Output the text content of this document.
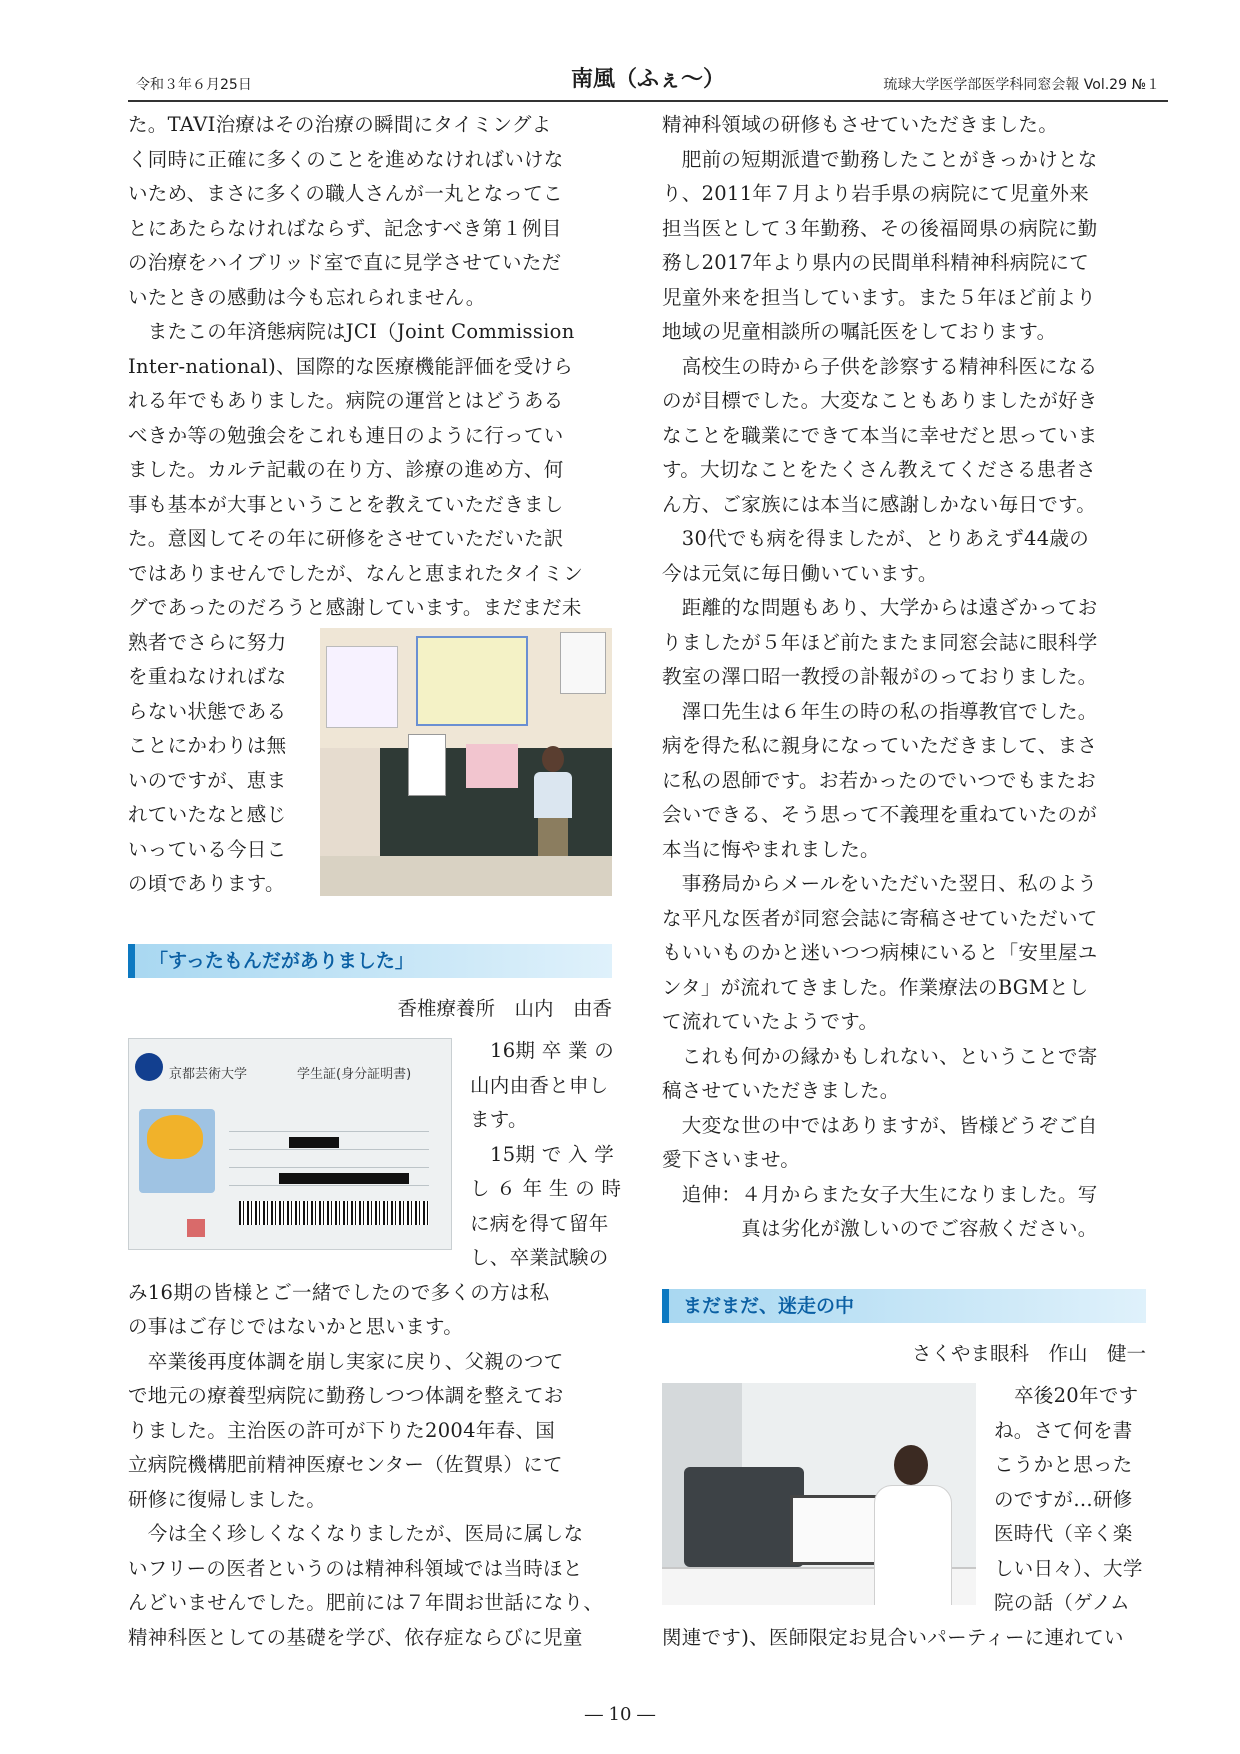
令和３年６月25日	南風（ふぇ〜）	琉球大学医学部医学科同窓会報 Vol.29 №１
た。TAVI治療はその治療の瞬間にタイミングよ
く同時に正確に多くのことを進めなければいけな
いため、まさに多くの職人さんが一丸となってこ
とにあたらなければならず、記念すべき第１例目
の治療をハイブリッド室で直に見学させていただ
いたときの感動は今も忘れられません。
　またこの年済態病院はJCI（Joint Commission
Inter-national)、国際的な医療機能評価を受けら
れる年でもありました。病院の運営とはどうある
べきか等の勉強会をこれも連日のように行ってい
ました。カルテ記載の在り方、診療の進め方、何
事も基本が大事ということを教えていただきまし
た。意図してその年に研修をさせていただいた訳
ではありませんでしたが、なんと恵まれたタイミン
グであったのだろうと感謝しています。まだまだ未
熟者でさらに努力
を重ねなければな
らない状態である
ことにかわりは無
いのですが、恵ま
れていたなと感じ
いっている今日こ
の頃であります。
「すったもんだがありました」
香椎療養所　山内　由香
京都芸術大学	学生証(身分証明書)
16期 卒 業 の
山内由香と申し
ます。
15期 で 入 学
し ６ 年 生 の 時
に病を得て留年
し、卒業試験の
み16期の皆様とご一緒でしたので多くの方は私
の事はご存じではないかと思います。
　卒業後再度体調を崩し実家に戻り、父親のつて
で地元の療養型病院に勤務しつつ体調を整えてお
りました。主治医の許可が下りた2004年春、国
立病院機構肥前精神医療センター（佐賀県）にて
研修に復帰しました。
　今は全く珍しくなくなりましたが、医局に属しな
いフリーの医者というのは精神科領域では当時ほと
んどいませんでした。肥前には７年間お世話になり、
精神科医としての基礎を学び、依存症ならびに児童
精神科領域の研修もさせていただきました。
　肥前の短期派遣で勤務したことがきっかけとな
り、2011年７月より岩手県の病院にて児童外来
担当医として３年勤務、その後福岡県の病院に勤
務し2017年より県内の民間単科精神科病院にて
児童外来を担当しています。また５年ほど前より
地域の児童相談所の嘱託医をしております。
　高校生の時から子供を診察する精神科医になる
のが目標でした。大変なこともありましたが好き
なことを職業にできて本当に幸せだと思っていま
す。大切なことをたくさん教えてくださる患者さ
ん方、ご家族には本当に感謝しかない毎日です。
　30代でも病を得ましたが、とりあえず44歳の
今は元気に毎日働いています。
　距離的な問題もあり、大学からは遠ざかってお
りましたが５年ほど前たまたま同窓会誌に眼科学
教室の澤口昭一教授の訃報がのっておりました。
　澤口先生は６年生の時の私の指導教官でした。
病を得た私に親身になっていただきまして、まさ
に私の恩師です。お若かったのでいつでもまたお
会いできる、そう思って不義理を重ねていたのが
本当に悔やまれました。
　事務局からメールをいただいた翌日、私のよう
な平凡な医者が同窓会誌に寄稿させていただいて
もいいものかと迷いつつ病棟にいると「安里屋ユ
ンタ」が流れてきました。作業療法のBGMとし
て流れていたようです。
　これも何かの縁かもしれない、ということで寄
稿させていただきました。
　大変な世の中ではありますが、皆様どうぞご自
愛下さいませ。
　追伸：４月からまた女子大生になりました。写
　　　　真は劣化が激しいのでご容赦ください。
まだまだ、迷走の中
さくやま眼科　作山　健一
卒後20年です
ね。さて何を書
こうかと思った
のですが…研修
医時代（辛く楽
しい日々）、大学
院の話（ゲノム
関連です)、医師限定お見合いパーティーに連れてい
― 10 ―
